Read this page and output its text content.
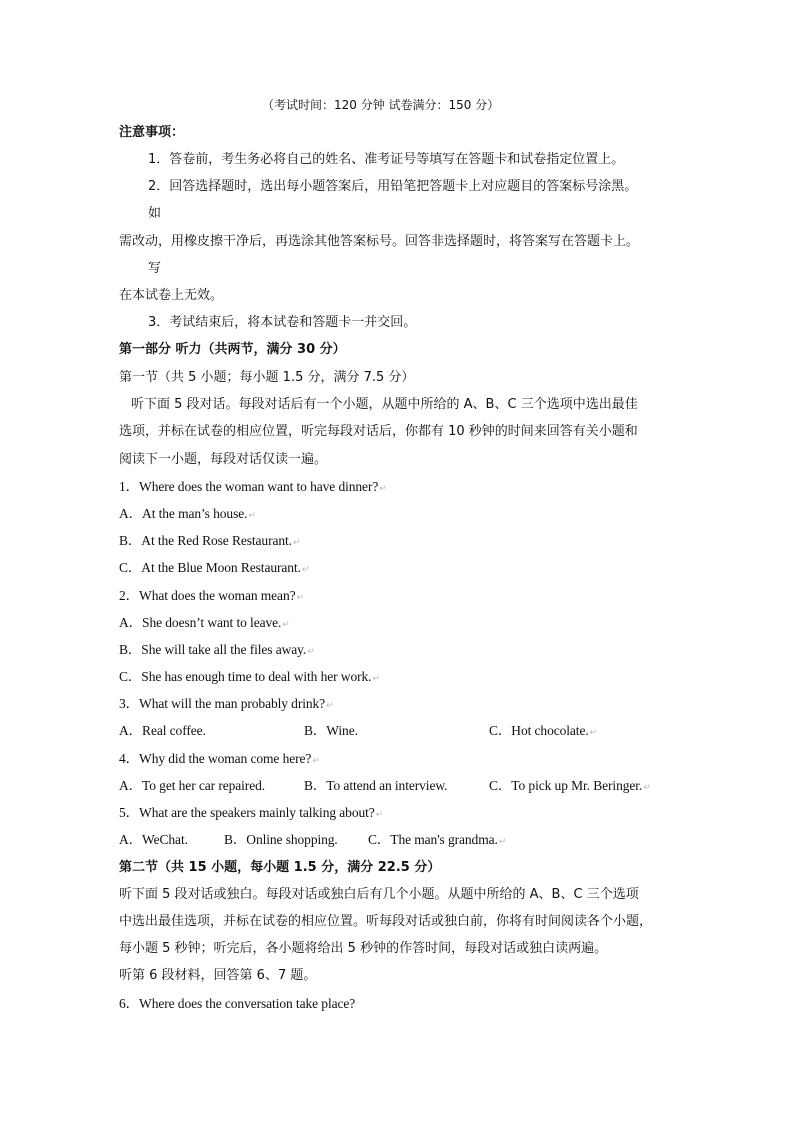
（考试时间：120 分钟 试卷满分：150 分）
注意事项：
1．答卷前，考生务必将自己的姓名、准考证号等填写在答题卡和试卷指定位置上。
2．回答选择题时，选出每小题答案后，用铅笔把答题卡上对应题目的答案标号涂黑。
如
需改动，用橡皮擦干净后，再选涂其他答案标号。回答非选择题时，将答案写在答题卡上。
写
在本试卷上无效。
3．考试结束后，将本试卷和答题卡一并交回。
第一部分 听力（共两节，满分 30 分）
第一节（共 5 小题；每小题 1.5 分，满分 7.5 分）
听下面 5 段对话。每段对话后有一个小题，从题中所给的 A、B、C 三个选项中选出最佳
选项，并标在试卷的相应位置，听完每段对话后，你都有 10 秒钟的时间来回答有关小题和
阅读下一小题，每段对话仅读一遍。
1．Where does the woman want to have dinner?↵
A．At the man’s house.↵
B．At the Red Rose Restaurant.↵
C．At the Blue Moon Restaurant.↵
2．What does the woman mean?↵
A．She doesn’t want to leave.↵
B．She will take all the files away.↵
C．She has enough time to deal with her work.↵
3．What will the man probably drink?↵
A．Real coffee.	B．Wine.	C．Hot chocolate.↵
4．Why did the woman come here?↵
A．To get her car repaired.	B．To attend an interview.	C．To pick up Mr. Beringer.↵
5．What are the speakers mainly talking about?↵
A．WeChat.	B．Online shopping. C．The man's grandma.↵
第二节（共 15 小题，每小题 1.5 分，满分 22.5 分）
听下面 5 段对话或独白。每段对话或独白后有几个小题。从题中所给的 A、B、C 三个选项
中选出最佳选项，并标在试卷的相应位置。听每段对话或独白前，你将有时间阅读各个小题，
每小题 5 秒钟；听完后，各小题将给出 5 秒钟的作答时间，每段对话或独白读两遍。
听第 6 段材料，回答第 6、7 题。
6．Where does the conversation take place?
